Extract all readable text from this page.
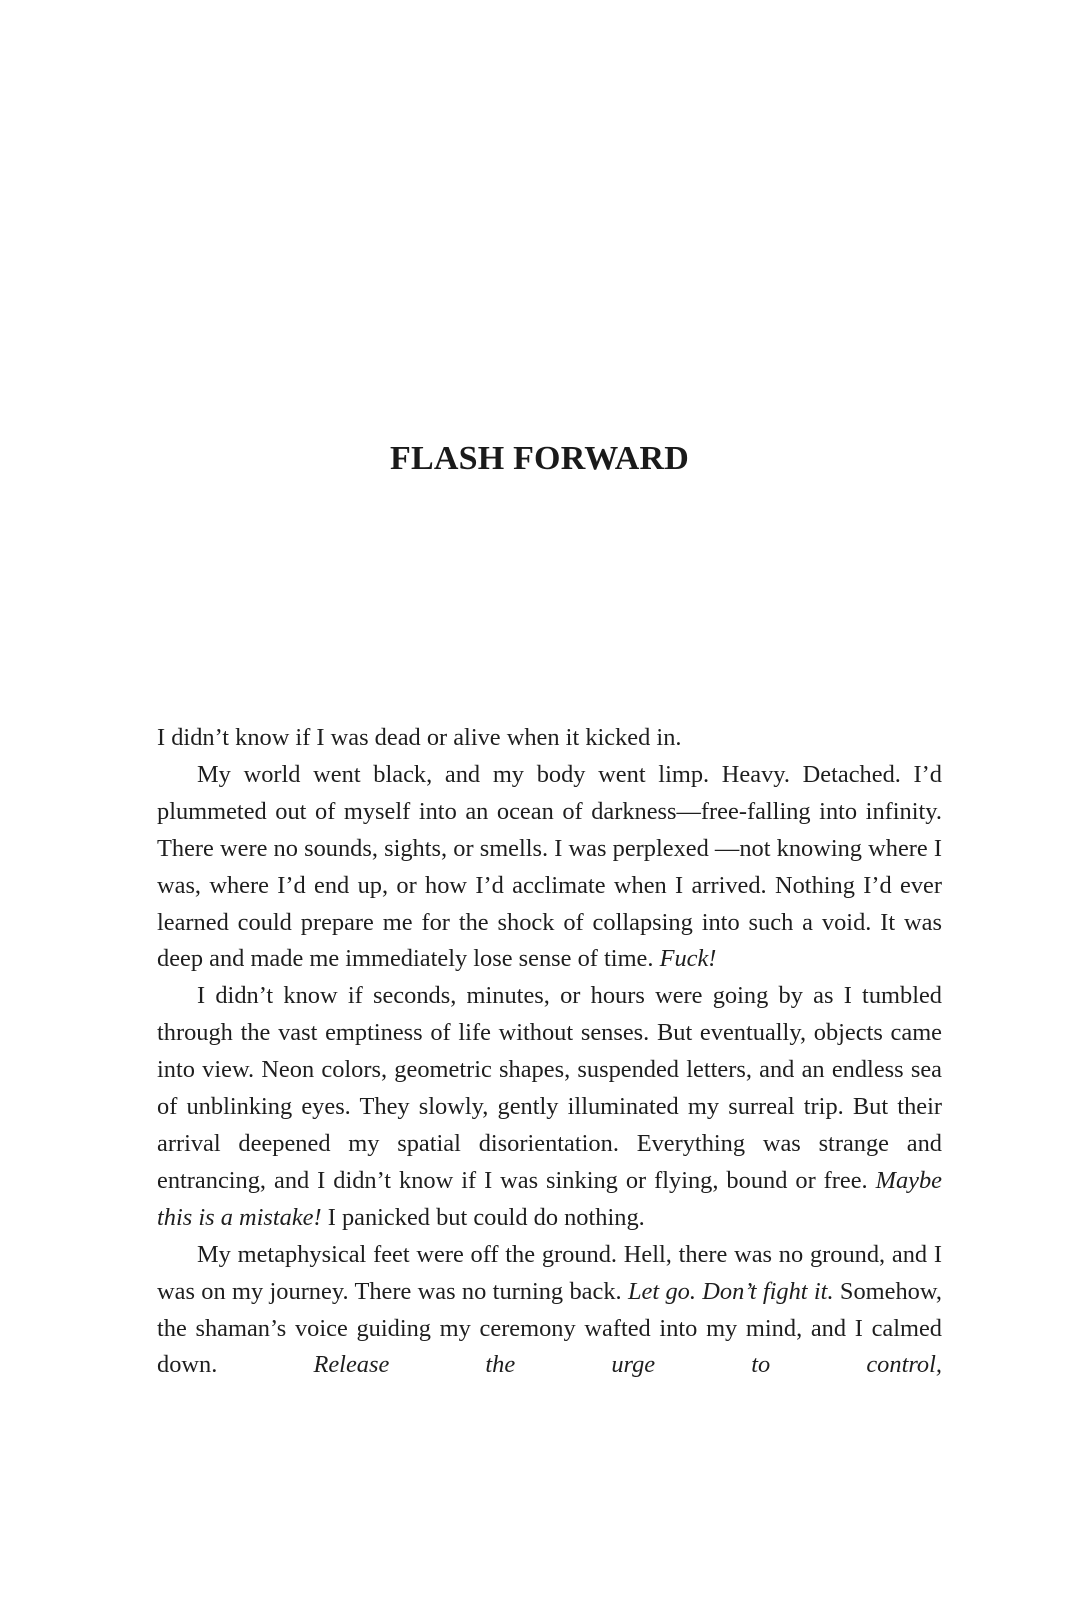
FLASH FORWARD

I didn’t know if I was dead or alive when it kicked in.

My world went black, and my body went limp. Heavy. Detached. I’d plummeted out of myself into an ocean of darkness—free-falling into infinity. There were no sounds, sights, or smells. I was perplexed —not knowing where I was, where I’d end up, or how I’d acclimate when I arrived. Nothing I’d ever learned could prepare me for the shock of collapsing into such a void. It was deep and made me immediately lose sense of time. Fuck!

I didn’t know if seconds, minutes, or hours were going by as I tumbled through the vast emptiness of life without senses. But eventually, objects came into view. Neon colors, geometric shapes, suspended letters, and an endless sea of unblinking eyes. They slowly, gently illuminated my surreal trip. But their arrival deepened my spatial disorientation. Everything was strange and entrancing, and I didn’t know if I was sinking or flying, bound or free. Maybe this is a mistake! I panicked but could do nothing.

My metaphysical feet were off the ground. Hell, there was no ground, and I was on my journey. There was no turning back. Let go. Don’t fight it. Somehow, the shaman’s voice guiding my ceremony wafted into my mind, and I calmed down. Release the urge to control,
